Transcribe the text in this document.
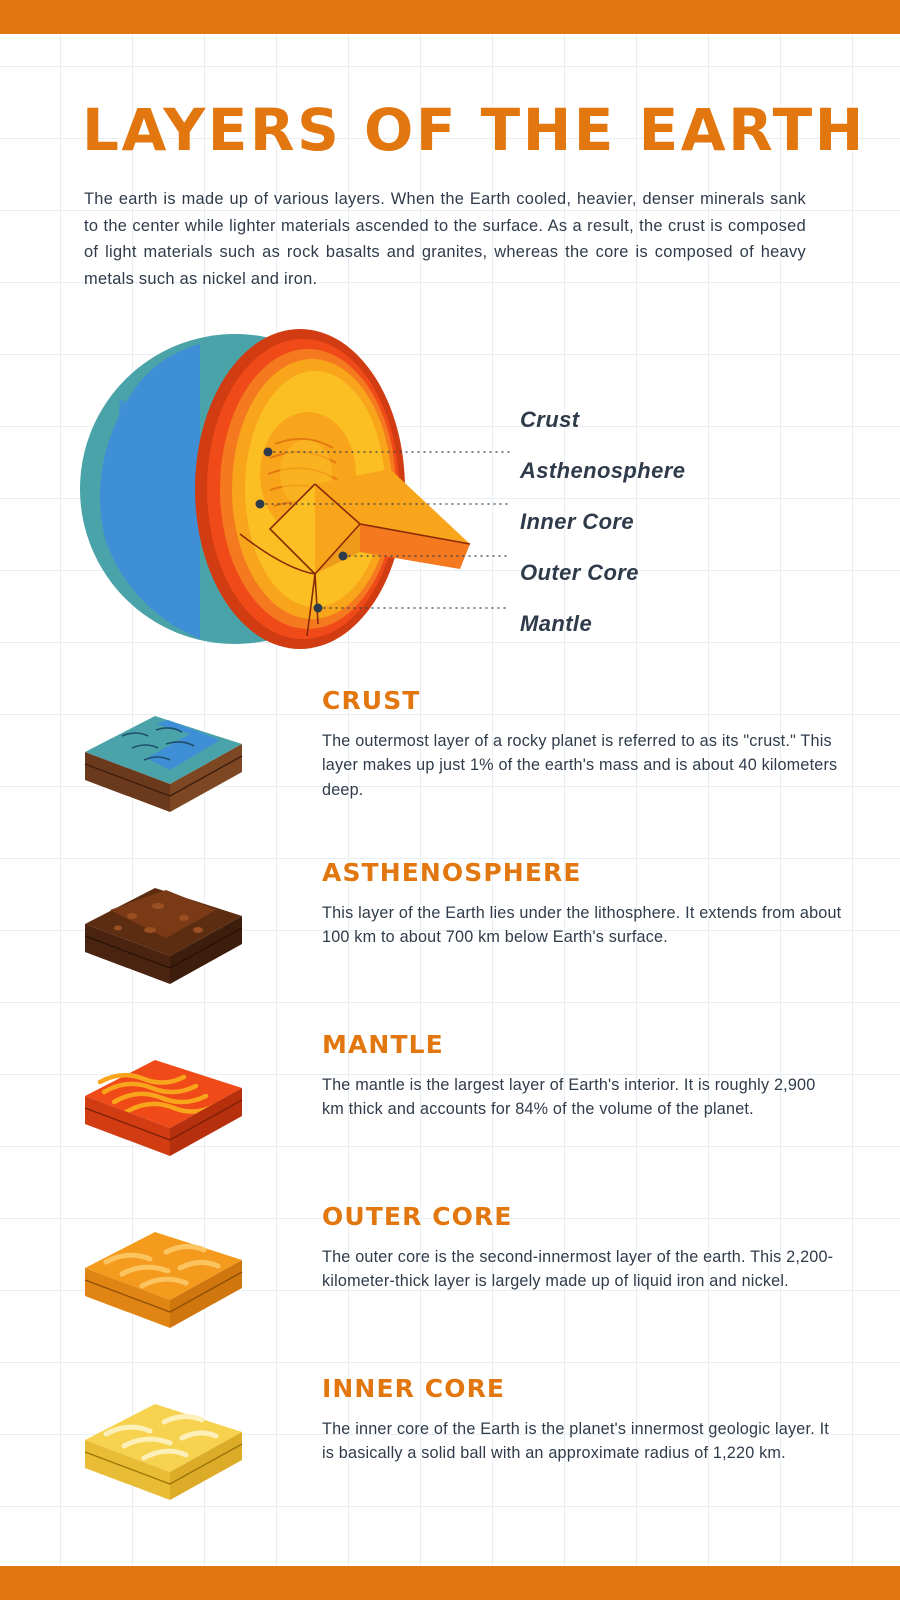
LAYERS OF THE EARTH

The earth is made up of various layers. When the Earth cooled, heavier, denser minerals sank to the center while lighter materials ascended to the surface. As a result, the crust is composed of light materials such as rock basalts and granites, whereas the core is composed of heavy metals such as nickel and iron.

Crust
Asthenosphere
Inner Core
Outer Core
Mantle
CRUST
The outermost layer of a rocky planet is referred to as its "crust." This layer makes up just 1% of the earth's mass and is about 40 kilometers deep.
ASTHENOSPHERE
This layer of the Earth lies under the lithosphere. It extends from about 100 km to about 700 km below Earth's surface.
MANTLE
The mantle is the largest layer of Earth's interior. It is roughly 2,900 km thick and accounts for 84% of the volume of the planet.
OUTER CORE
The outer core is the second-innermost layer of the earth. This 2,200-kilometer-thick layer is largely made up of liquid iron and nickel.
INNER CORE
The inner core of the Earth is the planet's innermost geologic layer. It is basically a solid ball with an approximate radius of 1,220 km.
